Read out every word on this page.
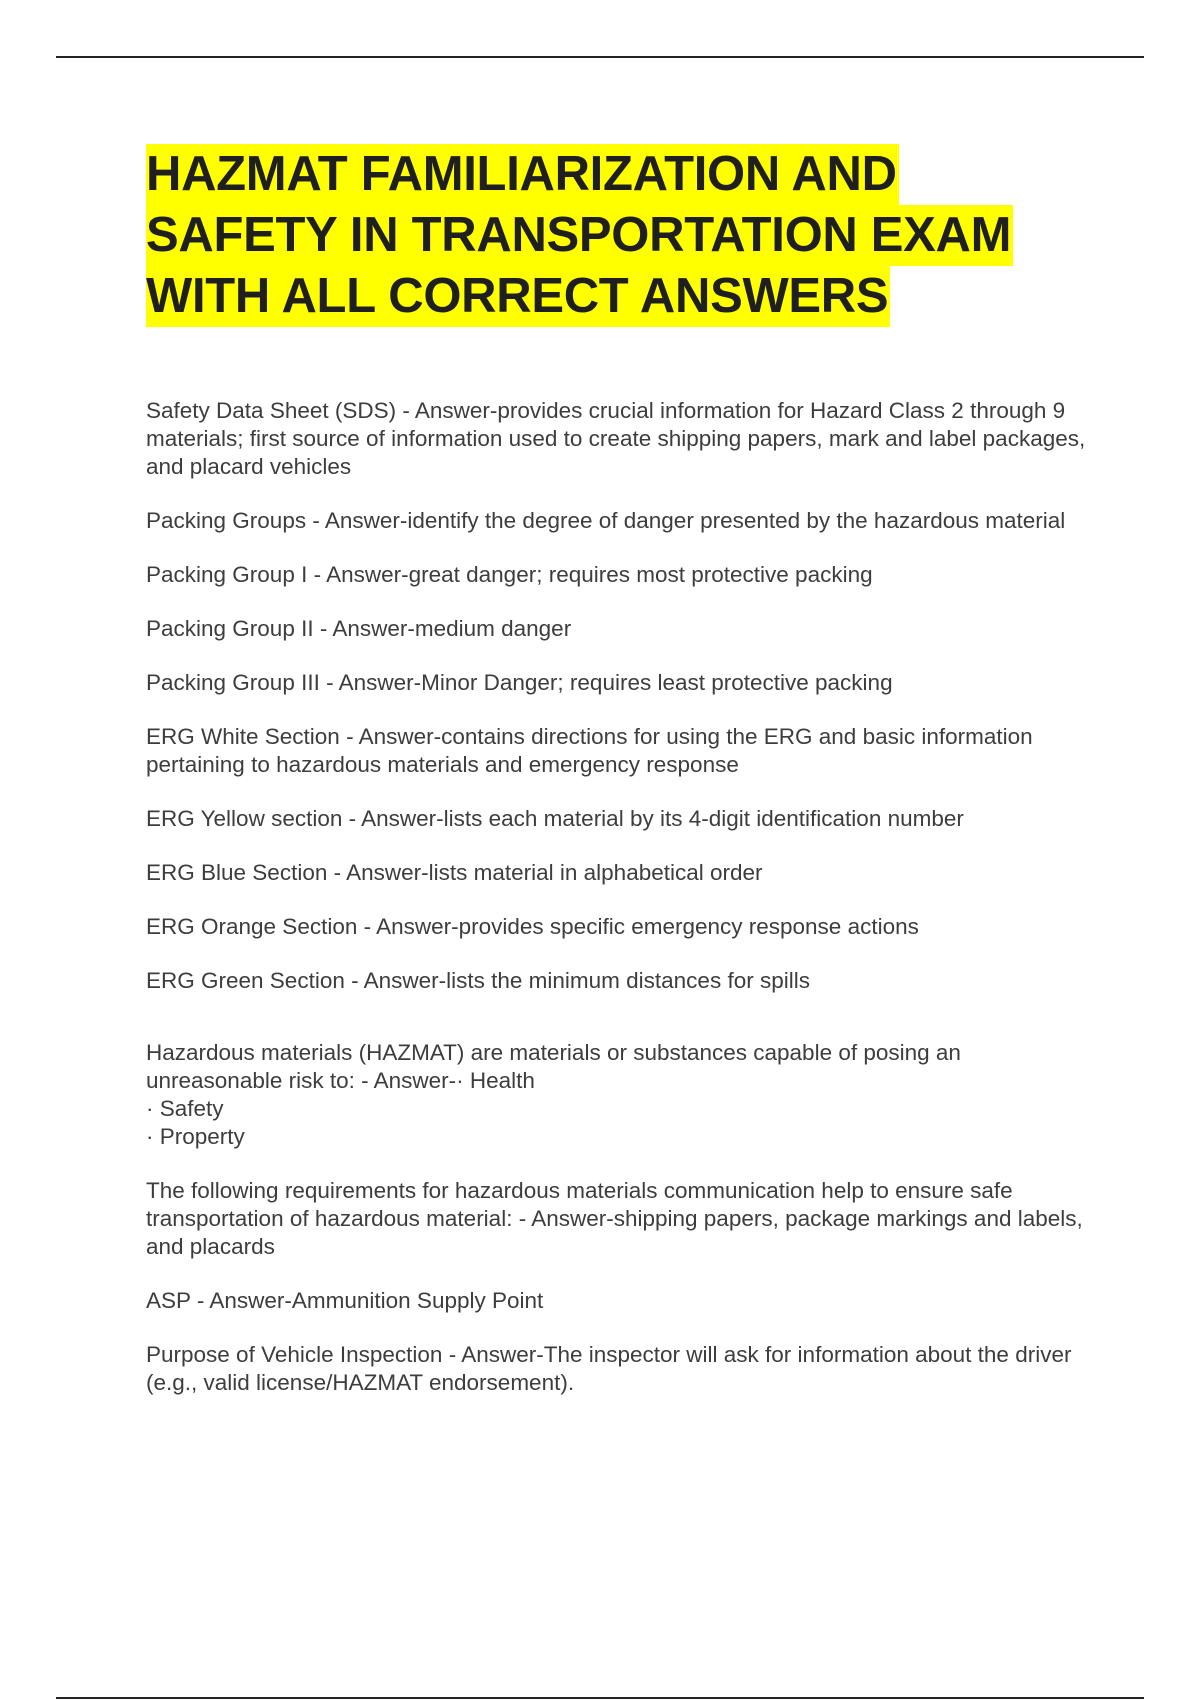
HAZMAT FAMILIARIZATION AND
SAFETY IN TRANSPORTATION EXAM
WITH ALL CORRECT ANSWERS

Safety Data Sheet (SDS) - Answer-provides crucial information for Hazard Class 2 through 9 materials; first source of information used to create shipping papers, mark and label packages, and placard vehicles

Packing Groups - Answer-identify the degree of danger presented by the hazardous material

Packing Group I - Answer-great danger; requires most protective packing

Packing Group II - Answer-medium danger

Packing Group III - Answer-Minor Danger; requires least protective packing

ERG White Section - Answer-contains directions for using the ERG and basic information pertaining to hazardous materials and emergency response

ERG Yellow section - Answer-lists each material by its 4-digit identification number

ERG Blue Section - Answer-lists material in alphabetical order

ERG Orange Section - Answer-provides specific emergency response actions

ERG Green Section - Answer-lists the minimum distances for spills

Hazardous materials (HAZMAT) are materials or substances capable of posing an unreasonable risk to: - Answer-· Health
· Safety
· Property

The following requirements for hazardous materials communication help to ensure safe transportation of hazardous material: - Answer-shipping papers, package markings and labels, and placards

ASP - Answer-Ammunition Supply Point

Purpose of Vehicle Inspection - Answer-The inspector will ask for information about the driver (e.g., valid license/HAZMAT endorsement).
